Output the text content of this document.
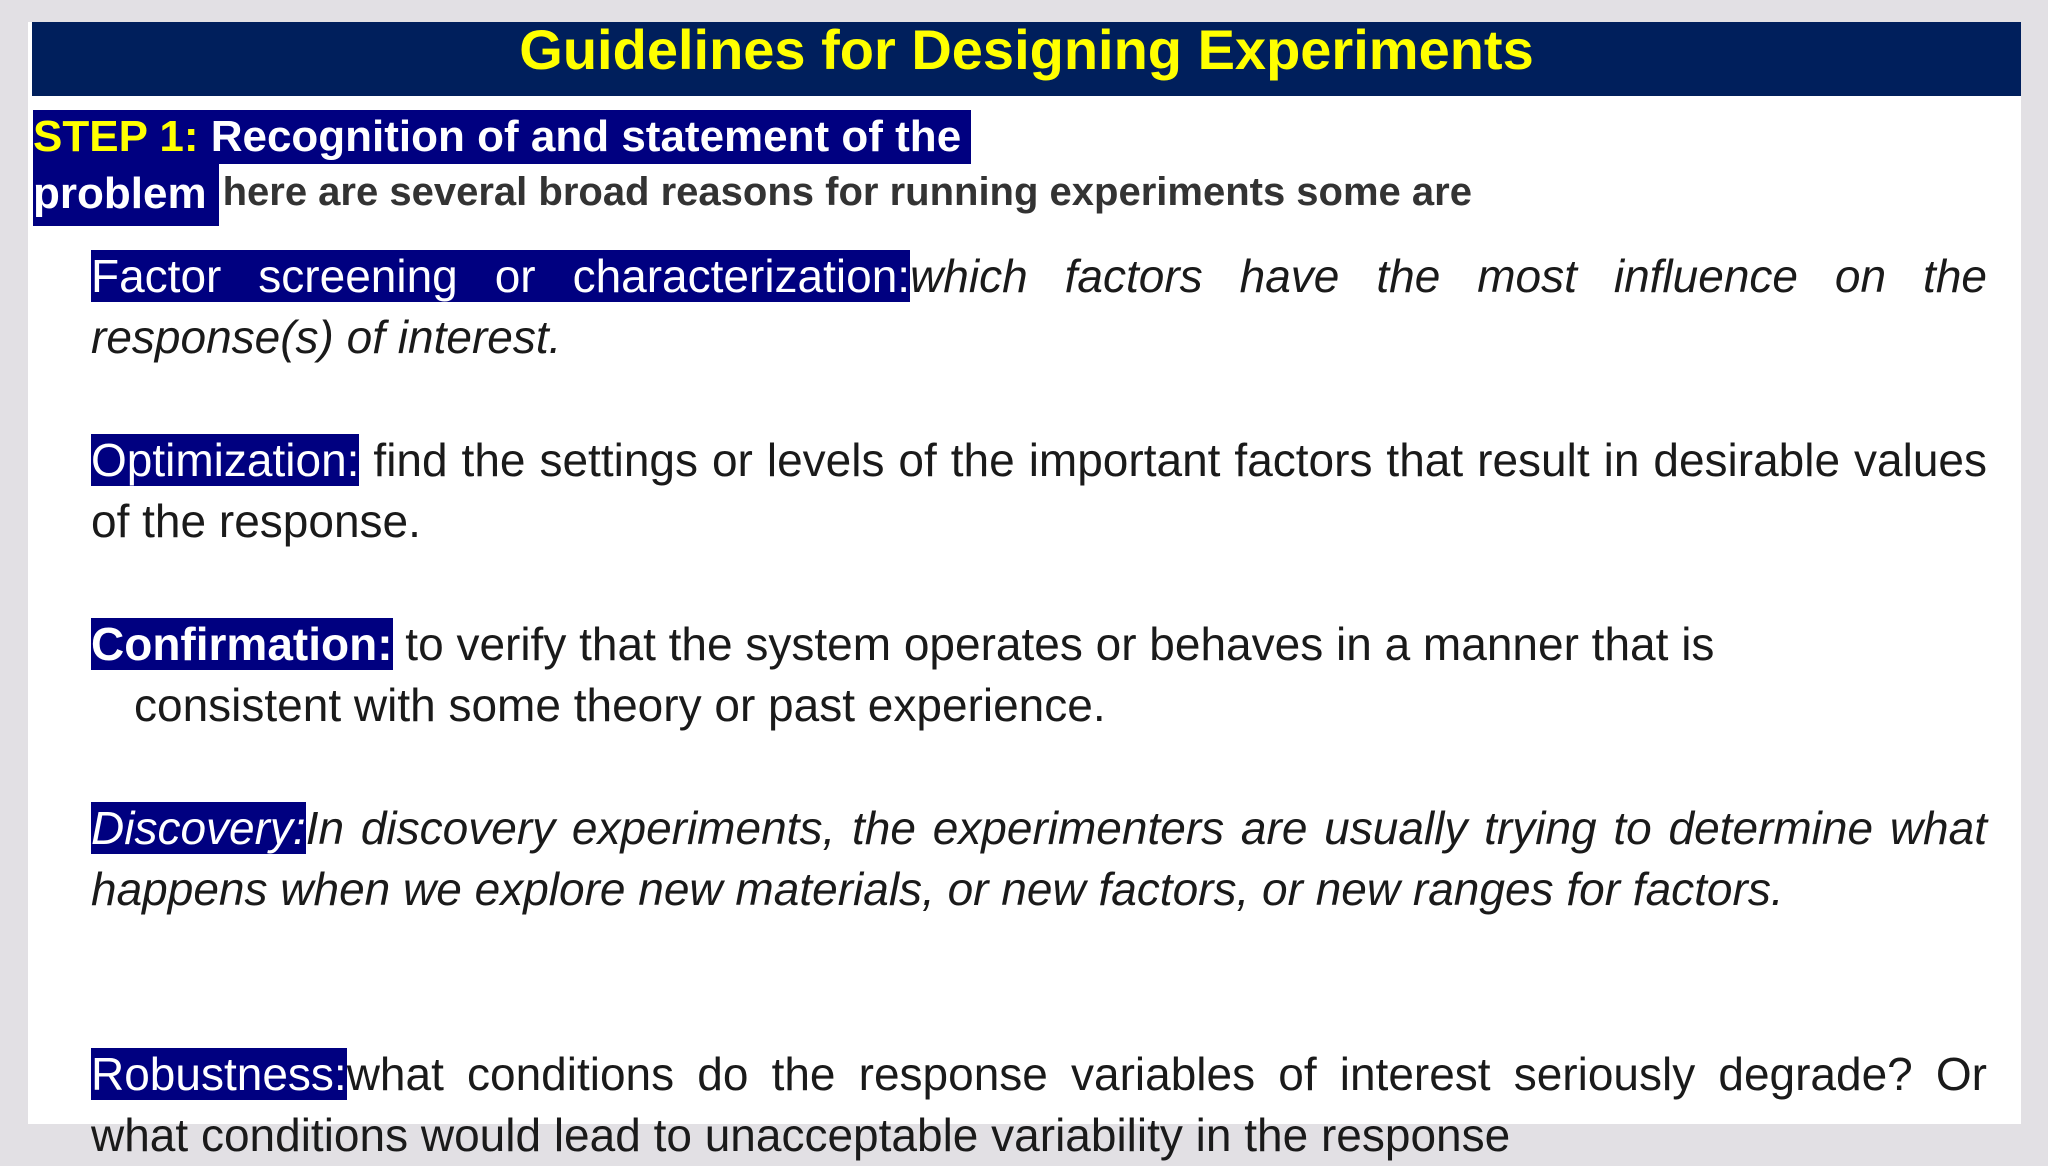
Guidelines for Designing Experiments
STEP 1: Recognition of and statement of the
problem here are several broad reasons for running experiments some are
Factor screening or characterization:which factors have the most influence on the response(s) of interest.
Optimization: find the settings or levels of the important factors that result in desirable values of the response.
Confirmation: to verify that the system operates or behaves in a manner that is
consistent with some theory or past experience.
Discovery:In discovery experiments, the experimenters are usually trying to determine what happens when we explore new materials, or new factors, or new ranges for factors.
Robustness:what conditions do the response variables of interest seriously degrade? Or what conditions would lead to unacceptable variability in the response
